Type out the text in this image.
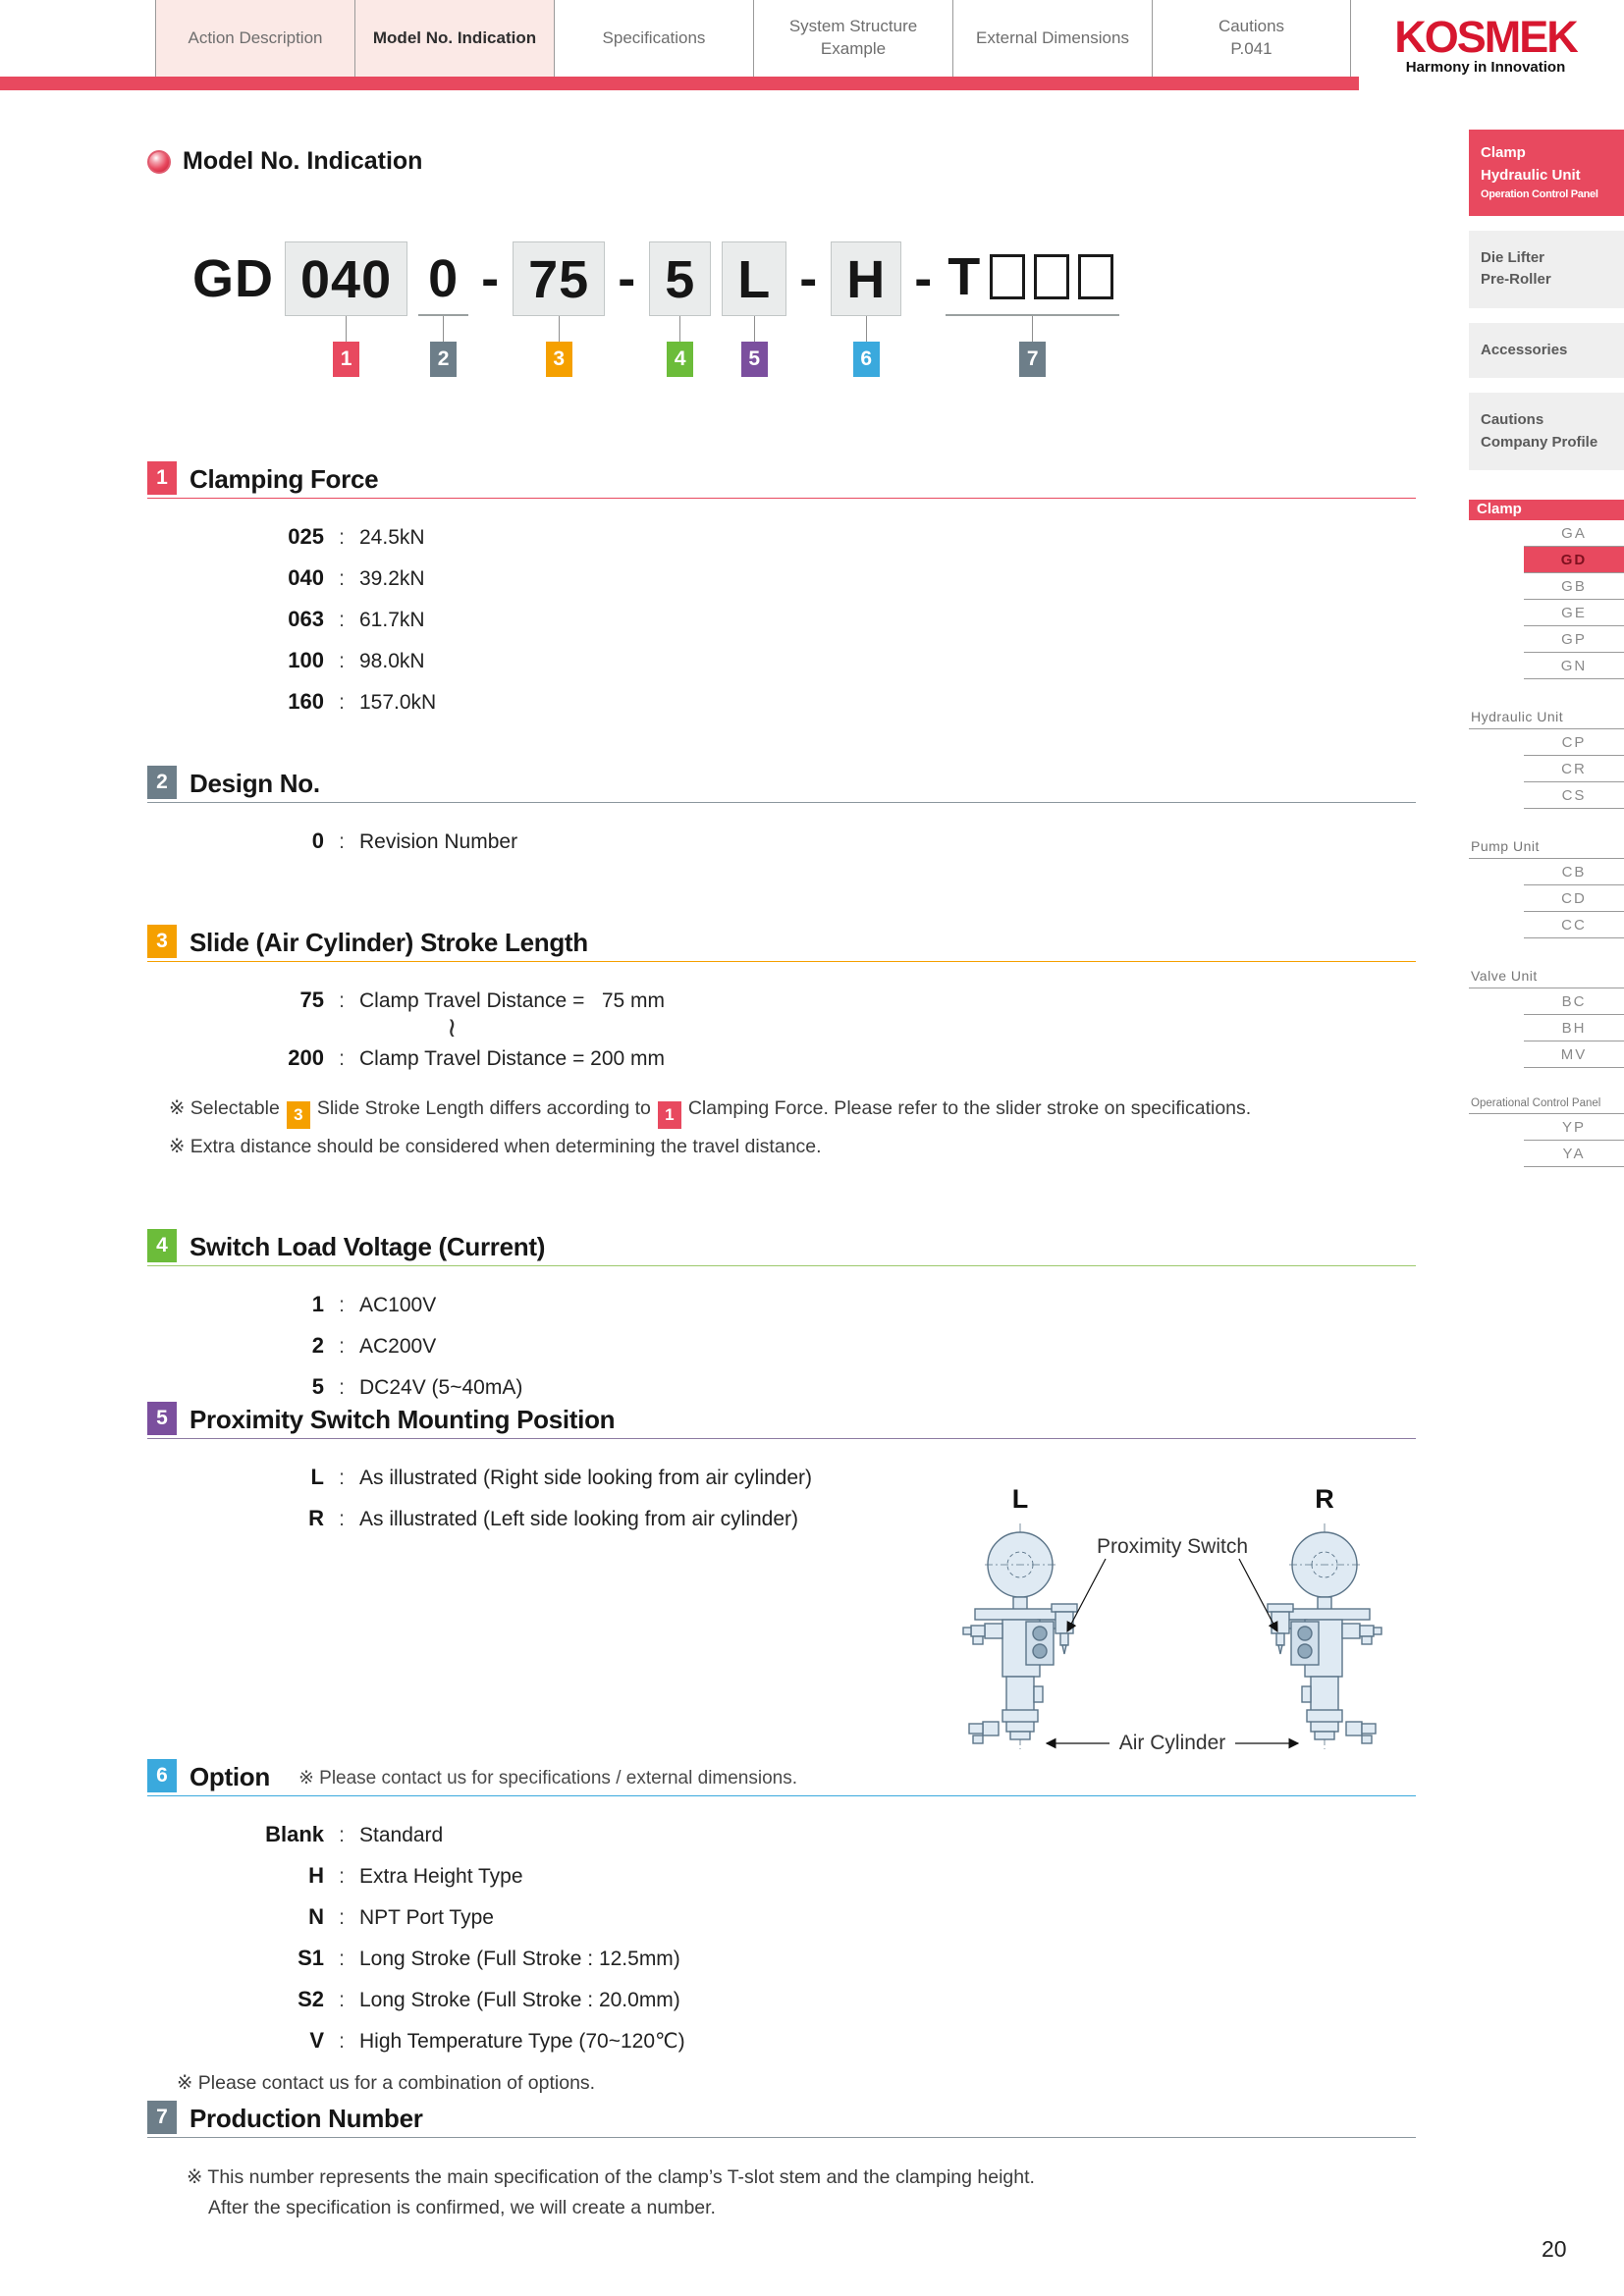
Action Description	Model No. Indication	Specifications
System Structure
Example
External Dimensions
Cautions
P.041	KOSMEK
Harmony in Innovation
Clamp
Hydraulic Unit
Operation Control Panel
Die Lifter
Pre-Roller
Accessories
Cautions
Company Profile
Clamp
GA
GD
GB
GE
GP
GN
Hydraulic Unit
CP
CR
CS
Pump Unit
CB
CD
CC
Valve Unit
BC
BH
MV
Operational Control Panel
YP
YA
Model No. Indication
GD 040
1
0
2
- 75
3
- 5
4
L
5
- H
6
- T
7
1 Clamping Force
025 : 24.5kN
040 : 39.2kN
063 : 61.7kN
100 : 98.0kN
160 : 157.0kN
2 Design No.
0 : Revision Number
3 Slide (Air Cylinder) Stroke Length
75 : Clamp Travel Distance =   75 mm
≀
200 : Clamp Travel Distance = 200 mm
※ Selectable 3 Slide Stroke Length differs according to 1 Clamping Force. Please refer to the slider stroke on specifications.
※ Extra distance should be considered when determining the travel distance.
4 Switch Load Voltage (Current)
1 : AC100V
2 : AC200V
5 : DC24V (5~40mA)
5 Proximity Switch Mounting Position
L : As illustrated (Right side looking from air cylinder)
R : As illustrated (Left side looking from air cylinder)
L	R
Proximity Switch
Air Cylinder
6 Option ※ Please contact us for specifications / external dimensions.
Blank : Standard
H : Extra Height Type
N : NPT Port Type
S1 : Long Stroke (Full Stroke : 12.5mm)
S2 : Long Stroke (Full Stroke : 20.0mm)
V : High Temperature Type (70~120℃)
※ Please contact us for a combination of options.
7 Production Number
※ This number represents the main specification of the clamp’s T-slot stem and the clamping height.
After the specification is confirmed, we will create a number.
20
